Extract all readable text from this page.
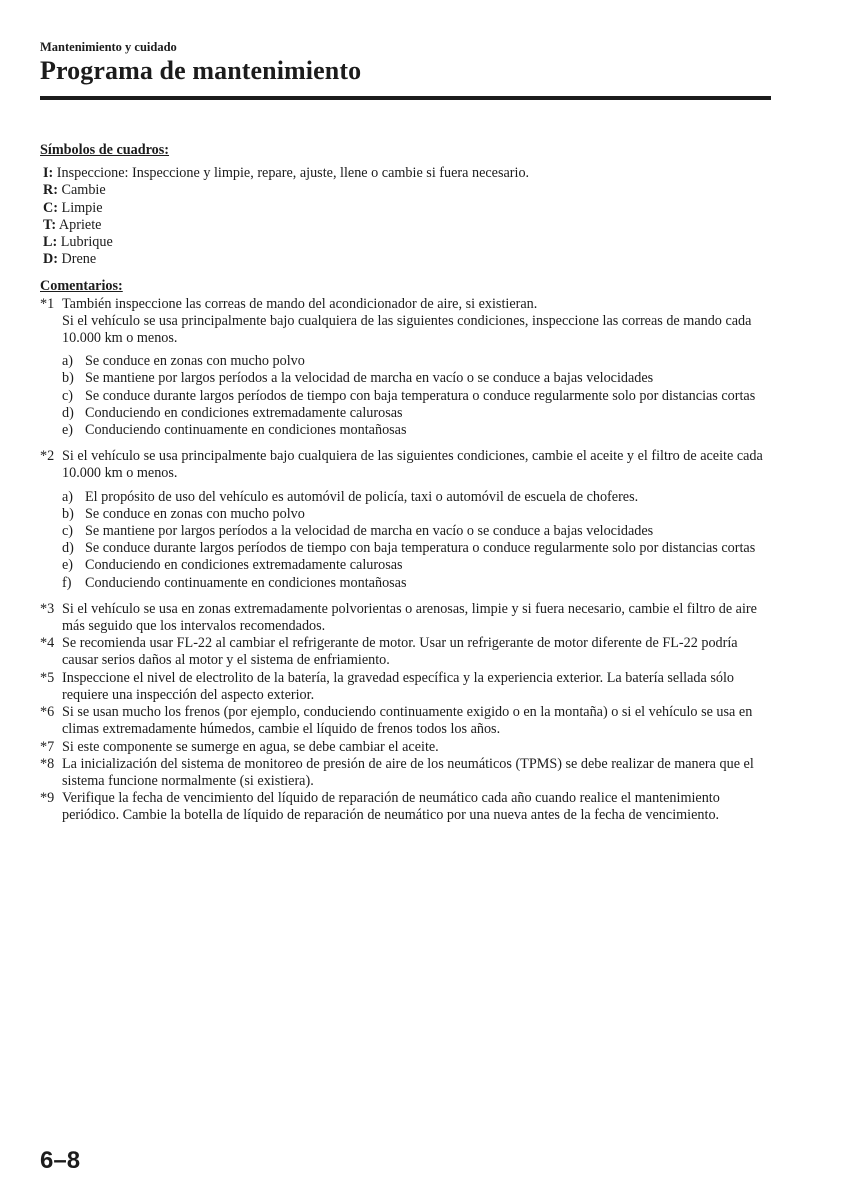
Mantenimiento y cuidado
Programa de mantenimiento

Símbolos de cuadros:

I: Inspeccione: Inspeccione y limpie, repare, ajuste, llene o cambie si fuera necesario.

R: Cambie

C: Limpie

T: Apriete

L: Lubrique

D: Drene

Comentarios:

*1 También inspeccione las correas de mando del acondicionador de aire, si existieran.

Si el vehículo se usa principalmente bajo cualquiera de las siguientes condiciones, inspeccione las correas de mando cada 10.000 km o menos.

a) Se conduce en zonas con mucho polvo
b) Se mantiene por largos períodos a la velocidad de marcha en vacío o se conduce a bajas velocidades
c) Se conduce durante largos períodos de tiempo con baja temperatura o conduce regularmente solo por distancias cortas
d) Conduciendo en condiciones extremadamente calurosas
e) Conduciendo continuamente en condiciones montañosas
*2 Si el vehículo se usa principalmente bajo cualquiera de las siguientes condiciones, cambie el aceite y el filtro de aceite cada 10.000 km o menos.

a) El propósito de uso del vehículo es automóvil de policía, taxi o automóvil de escuela de choferes.
b) Se conduce en zonas con mucho polvo
c) Se mantiene por largos períodos a la velocidad de marcha en vacío o se conduce a bajas velocidades
d) Se conduce durante largos períodos de tiempo con baja temperatura o conduce regularmente solo por distancias cortas
e) Conduciendo en condiciones extremadamente calurosas
f) Conduciendo continuamente en condiciones montañosas
*3 Si el vehículo se usa en zonas extremadamente polvorientas o arenosas, limpie y si fuera necesario, cambie el filtro de aire más seguido que los intervalos recomendados.

*4 Se recomienda usar FL-22 al cambiar el refrigerante de motor. Usar un refrigerante de motor diferente de FL-22 podría causar serios daños al motor y el sistema de enfriamiento.

*5 Inspeccione el nivel de electrolito de la batería, la gravedad específica y la experiencia exterior. La batería sellada sólo requiere una inspección del aspecto exterior.

*6 Si se usan mucho los frenos (por ejemplo, conduciendo continuamente exigido o en la montaña) o si el vehículo se usa en climas extremadamente húmedos, cambie el líquido de frenos todos los años.

*7 Si este componente se sumerge en agua, se debe cambiar el aceite.

*8 La inicialización del sistema de monitoreo de presión de aire de los neumáticos (TPMS) se debe realizar de manera que el sistema funcione normalmente (si existiera).

*9 Verifique la fecha de vencimiento del líquido de reparación de neumático cada año cuando realice el mantenimiento periódico. Cambie la botella de líquido de reparación de neumático por una nueva antes de la fecha de vencimiento.

6–8
